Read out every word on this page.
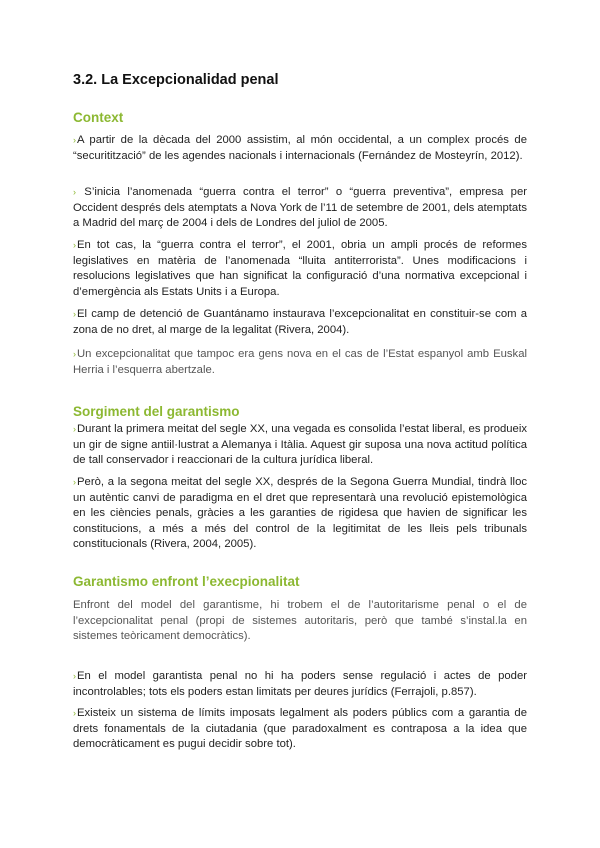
3.2. La Excepcionalidad penal
Context
›A partir de la dècada del 2000 assistim, al món occidental, a un complex procés de “securitització” de les agendes nacionals i internacionals (Fernández de Mosteyrín, 2012).
› S’inicia l’anomenada “guerra contra el terror” o “guerra preventiva”, empresa per Occident després dels atemptats a Nova York de l’11 de setembre de 2001, dels atemptats a Madrid del març de 2004 i dels de Londres del juliol de 2005.
›En tot cas, la “guerra contra el terror”, el 2001, obria un ampli procés de reformes legislatives en matèria de l’anomenada “lluita antiterrorista”. Unes modificacions i resolucions legislatives que han significat la configuració d’una normativa excepcional i d’emergència als Estats Units i a Europa.
›El camp de detenció de Guantánamo instaurava l’excepcionalitat en constituir-se com a zona de no dret, al marge de la legalitat (Rivera, 2004).
›Un excepcionalitat que tampoc era gens nova en el cas de l’Estat espanyol amb Euskal Herria i l’esquerra abertzale.
Sorgiment del garantismo
›Durant la primera meitat del segle XX, una vegada es consolida l’estat liberal, es produeix un gir de signe antiil·lustrat a Alemanya i Itàlia. Aquest gir suposa una nova actitud política de tall conservador i reaccionari de la cultura jurídica liberal.
›Però, a la segona meitat del segle XX, després de la Segona Guerra Mundial, tindrà lloc un autèntic canvi de paradigma en el dret que representarà una revolució epistemològica en les ciències penals, gràcies a les garanties de rigidesa que havien de significar les constitucions, a més a més del control de la legitimitat de les lleis pels tribunals constitucionals (Rivera, 2004, 2005).
Garantismo enfront l’execpionalitat
Enfront del model del garantisme, hi trobem el de l’autoritarisme penal o el de l’excepcionalitat penal (propi de sistemes autoritaris, però que també s’instal.la en sistemes teòricament democràtics).
›En el model garantista penal no hi ha poders sense regulació i actes de poder incontrolables; tots els poders estan limitats per deures jurídics (Ferrajoli, p.857).
›Existeix un sistema de límits imposats legalment als poders públics com a garantia de drets fonamentals de la ciutadania (que paradoxalment es contraposa a la idea que democràticament es pugui decidir sobre tot).
